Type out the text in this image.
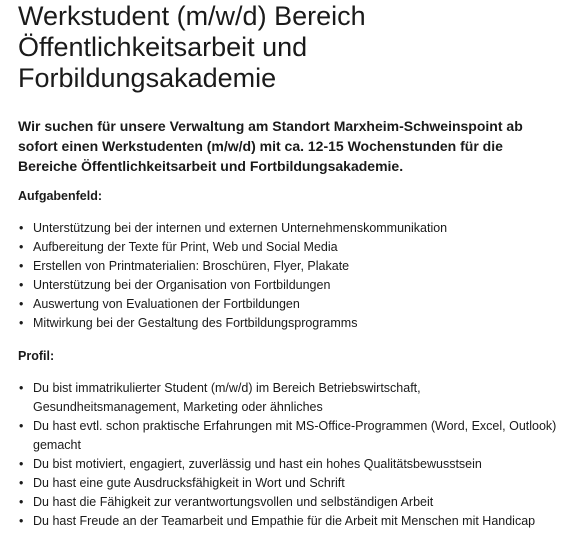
Werkstudent (m/w/d) Bereich
Öffentlichkeitsarbeit und
Forbildungsakademie

Wir suchen für unsere Verwaltung am Standort Marxheim-Schweinspoint ab sofort einen Werkstudenten (m/w/d) mit ca. 12-15 Wochenstunden für die Bereiche Öffentlichkeitsarbeit und Fortbildungsakademie.

Aufgabenfeld:
• Unterstützung bei der internen und externen Unternehmenskommunikation
• Aufbereitung der Texte für Print, Web und Social Media
• Erstellen von Printmaterialien: Broschüren, Flyer, Plakate
• Unterstützung bei der Organisation von Fortbildungen
• Auswertung von Evaluationen der Fortbildungen
• Mitwirkung bei der Gestaltung des Fortbildungsprogramms
Profil:
• Du bist immatrikulierter Student (m/w/d) im Bereich Betriebswirtschaft, Gesundheitsmanagement, Marketing oder ähnliches
• Du hast evtl. schon praktische Erfahrungen mit MS-Office-Programmen (Word, Excel, Outlook) gemacht
• Du bist motiviert, engagiert, zuverlässig und hast ein hohes Qualitätsbewusstsein
• Du hast eine gute Ausdrucksfähigkeit in Wort und Schrift
• Du hast die Fähigkeit zur verantwortungsvollen und selbständigen Arbeit
• Du hast Freude an der Teamarbeit und Empathie für die Arbeit mit Menschen mit Handicap
